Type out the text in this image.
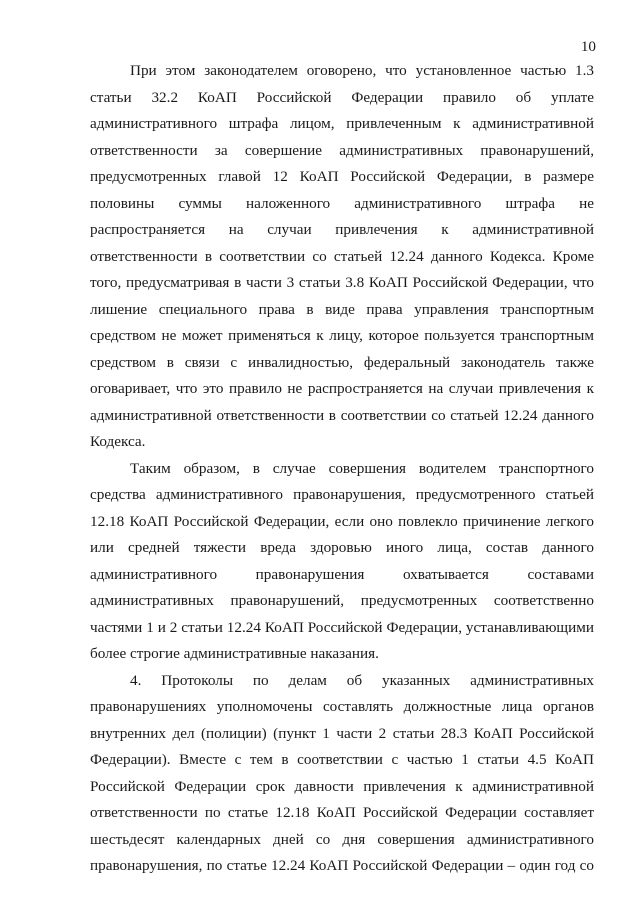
10
При этом законодателем оговорено, что установленное частью 1.3
статьи 32.2 КоАП Российской Федерации правило об уплате
административного штрафа лицом, привлеченным к административной
ответственности за совершение административных правонарушений,
предусмотренных главой 12 КоАП Российской Федерации, в размере
половины суммы наложенного административного штрафа не
распространяется на случаи привлечения к административной
ответственности в соответствии со статьей 12.24 данного Кодекса. Кроме
того, предусматривая в части 3 статьи 3.8 КоАП Российской Федерации, что
лишение специального права в виде права управления транспортным
средством не может применяться к лицу, которое пользуется транспортным
средством в связи с инвалидностью, федеральный законодатель также
оговаривает, что это правило не распространяется на случаи привлечения к
административной ответственности в соответствии со статьей 12.24 данного
Кодекса.
Таким образом, в случае совершения водителем транспортного
средства административного правонарушения, предусмотренного статьей
12.18 КоАП Российской Федерации, если оно повлекло причинение легкого
или средней тяжести вреда здоровью иного лица, состав данного
административного правонарушения охватывается составами
административных правонарушений, предусмотренных соответственно
частями 1 и 2 статьи 12.24 КоАП Российской Федерации, устанавливающими
более строгие административные наказания.
4. Протоколы по делам об указанных административных
правонарушениях уполномочены составлять должностные лица органов
внутренних дел (полиции) (пункт 1 части 2 статьи 28.3 КоАП Российской
Федерации). Вместе с тем в соответствии с частью 1 статьи 4.5 КоАП
Российской Федерации срок давности привлечения к административной
ответственности по статье 12.18 КоАП Российской Федерации составляет
шестьдесят календарных дней со дня совершения административного
правонарушения, по статье 12.24 КоАП Российской Федерации – один год со
